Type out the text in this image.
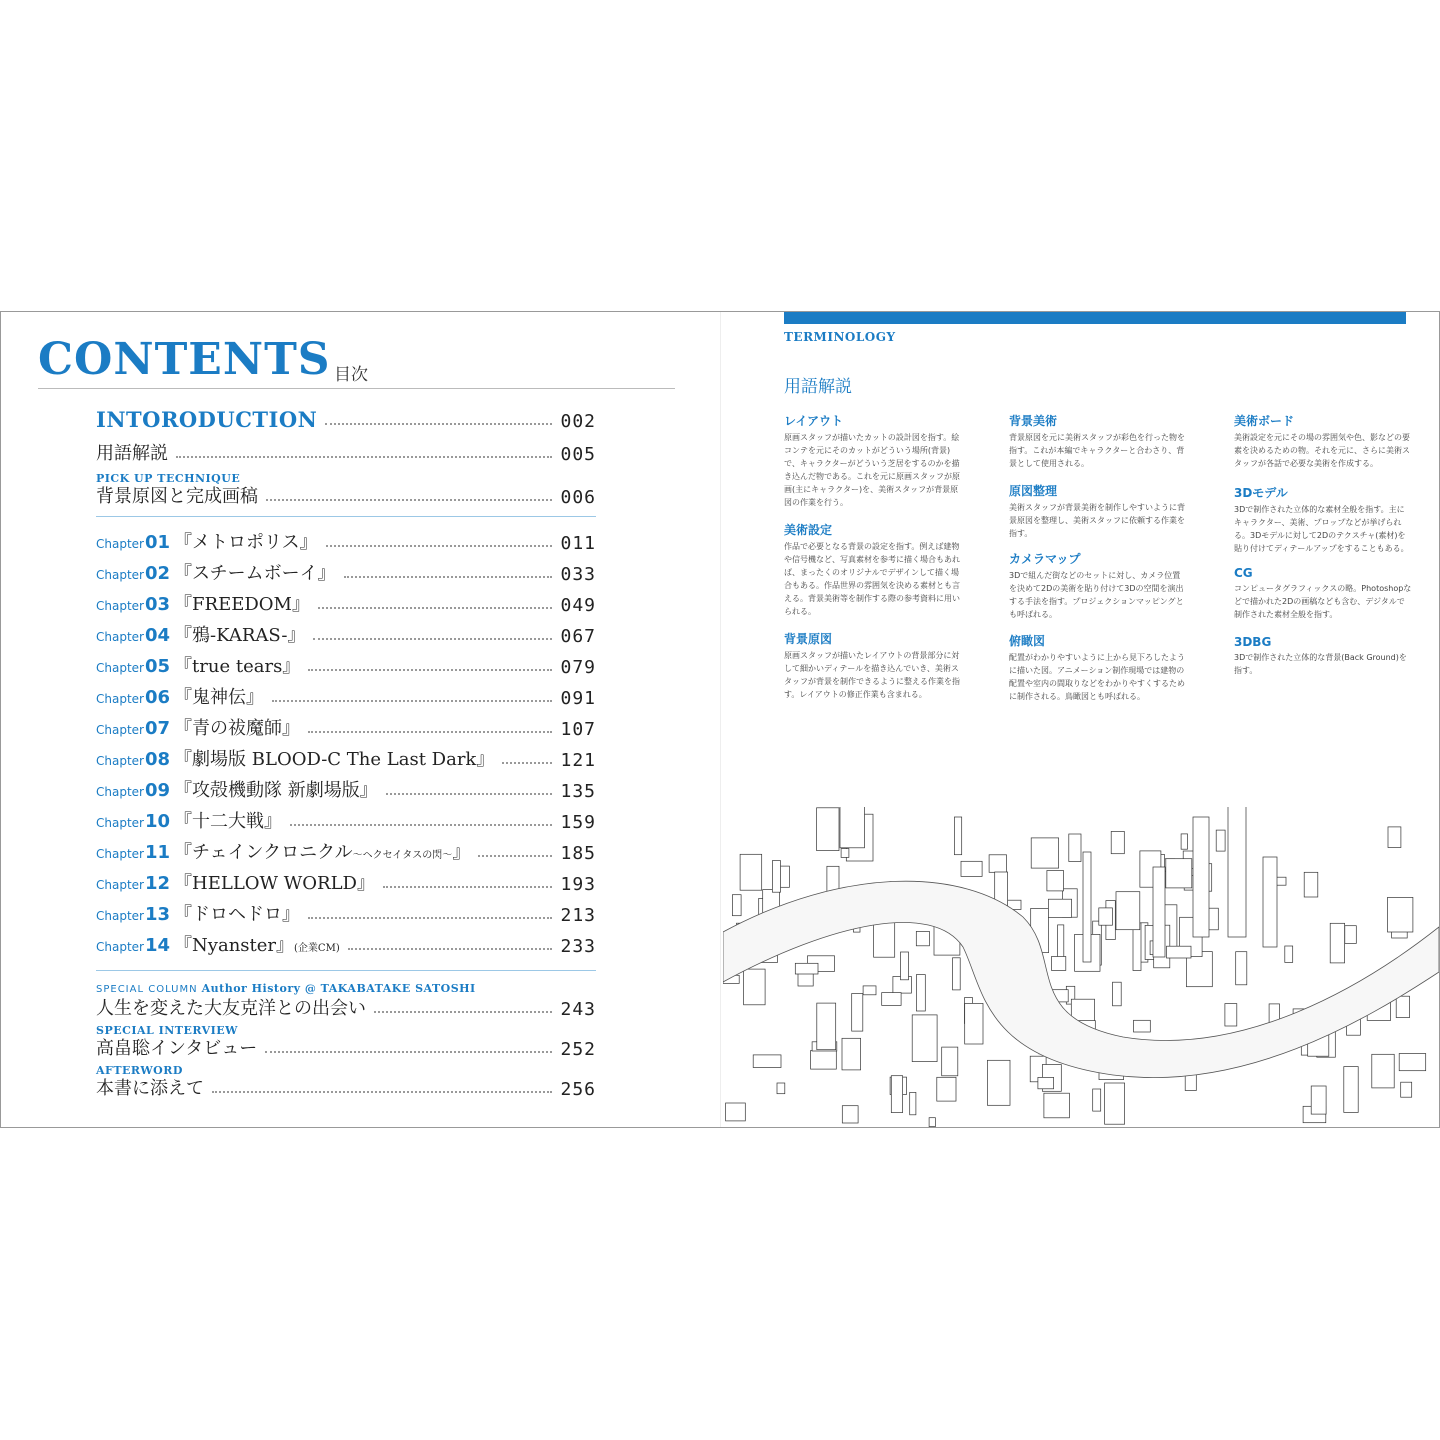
CONTENTS 目次
INTORODUCTION	002
用語解説	005
PICK UP TECHNIQUE
背景原図と完成画稿	006
Chapter01 『メトロポリス』	011
Chapter02 『スチームボーイ』	033
Chapter03 『FREEDOM』	049
Chapter04 『鴉-KARAS-』	067
Chapter05 『true tears』	079
Chapter06 『鬼神伝』	091
Chapter07 『青の祓魔師』	107
Chapter08 『劇場版 BLOOD-C The Last Dark』	121
Chapter09 『攻殻機動隊 新劇場版』	135
Chapter10 『十二大戦』	159
Chapter11 『チェインクロニクル〜ヘクセイタスの閃〜』	185
Chapter12 『HELLOW WORLD』	193
Chapter13 『ドロヘドロ』	213
Chapter14 『Nyanster』(企業CM)	233
SPECIAL COLUMN Author History @ TAKABATAKE SATOSHI
人生を変えた大友克洋との出会い	243
SPECIAL INTERVIEW
高畠聡インタビュー	252
AFTERWORD
本書に添えて	256
TERMINOLOGY
用語解説
レイアウト
原画スタッフが描いたカットの設計図を指す。絵コンテを元にそのカットがどういう場所(背景)で、キャラクターがどういう芝居をするのかを描き込んだ物である。これを元に原画スタッフが原画(主にキャラクター)を、美術スタッフが背景原図の作業を行う。
美術設定
作品で必要となる背景の設定を指す。例えば建物や信号機など、写真素材を参考に描く場合もあれば、まったくのオリジナルでデザインして描く場合もある。作品世界の雰囲気を決める素材とも言える。背景美術等を制作する際の参考資料に用いられる。
背景原図
原画スタッフが描いたレイアウトの背景部分に対して細かいディテールを描き込んでいき、美術スタッフが背景を制作できるように整える作業を指す。レイアウトの修正作業も含まれる。
背景美術
背景原図を元に美術スタッフが彩色を行った物を指す。これが本編でキャラクターと合わさり、背景として使用される。
原図整理
美術スタッフが背景美術を制作しやすいように背景原図を整理し、美術スタッフに依頼する作業を指す。
カメラマップ
3Dで組んだ街などのセットに対し、カメラ位置を決めて2Dの美術を貼り付けて3Dの空間を演出する手法を指す。プロジェクションマッピングとも呼ばれる。
俯瞰図
配置がわかりやすいように上から見下ろしたように描いた図。アニメーション制作現場では建物の配置や室内の間取りなどをわかりやすくするために制作される。鳥瞰図とも呼ばれる。
美術ボード
美術設定を元にその場の雰囲気や色、影などの要素を決めるための物。それを元に、さらに美術スタッフが各話で必要な美術を作成する。
3Dモデル
3Dで制作された立体的な素材全般を指す。主にキャラクター、美術、プロップなどが挙げられる。3Dモデルに対して2Dのテクスチャ(素材)を貼り付けてディテールアップをすることもある。
CG
コンピュータグラフィックスの略。Photoshopなどで描かれた2Dの画稿なども含む、デジタルで制作された素材全般を指す。
3DBG
3Dで制作された立体的な背景(Back Ground)を指す。
